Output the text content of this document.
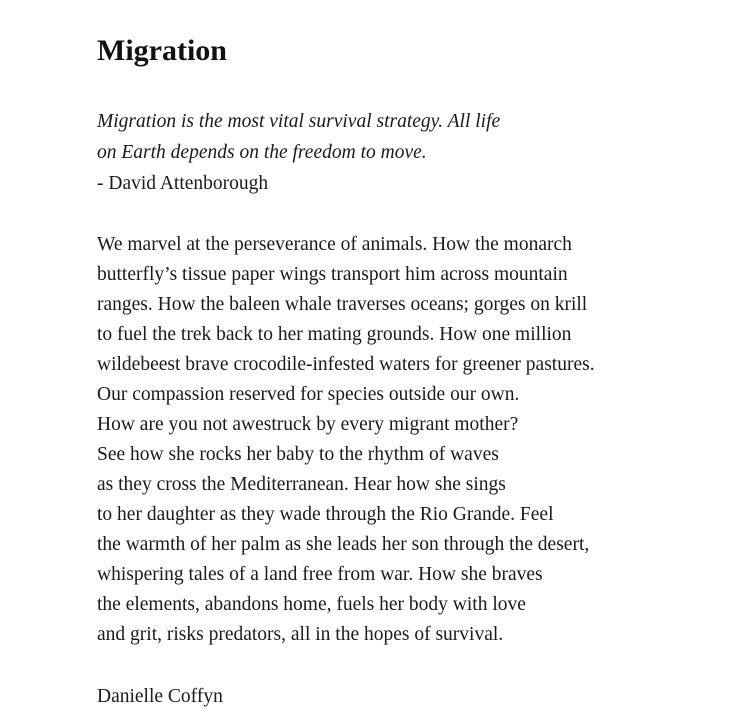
Migration
Migration is the most vital survival strategy. All life
on Earth depends on the freedom to move.
- David Attenborough
We marvel at the perseverance of animals. How the monarch
butterfly’s tissue paper wings transport him across mountain
ranges. How the baleen whale traverses oceans; gorges on krill
to fuel the trek back to her mating grounds. How one million
wildebeest brave crocodile-infested waters for greener pastures.
Our compassion reserved for species outside our own.
How are you not awestruck by every migrant mother?
See how she rocks her baby to the rhythm of waves
as they cross the Mediterranean. Hear how she sings
to her daughter as they wade through the Rio Grande. Feel
the warmth of her palm as she leads her son through the desert,
whispering tales of a land free from war. How she braves
the elements, abandons home, fuels her body with love
and grit, risks predators, all in the hopes of survival.
Danielle Coffyn
